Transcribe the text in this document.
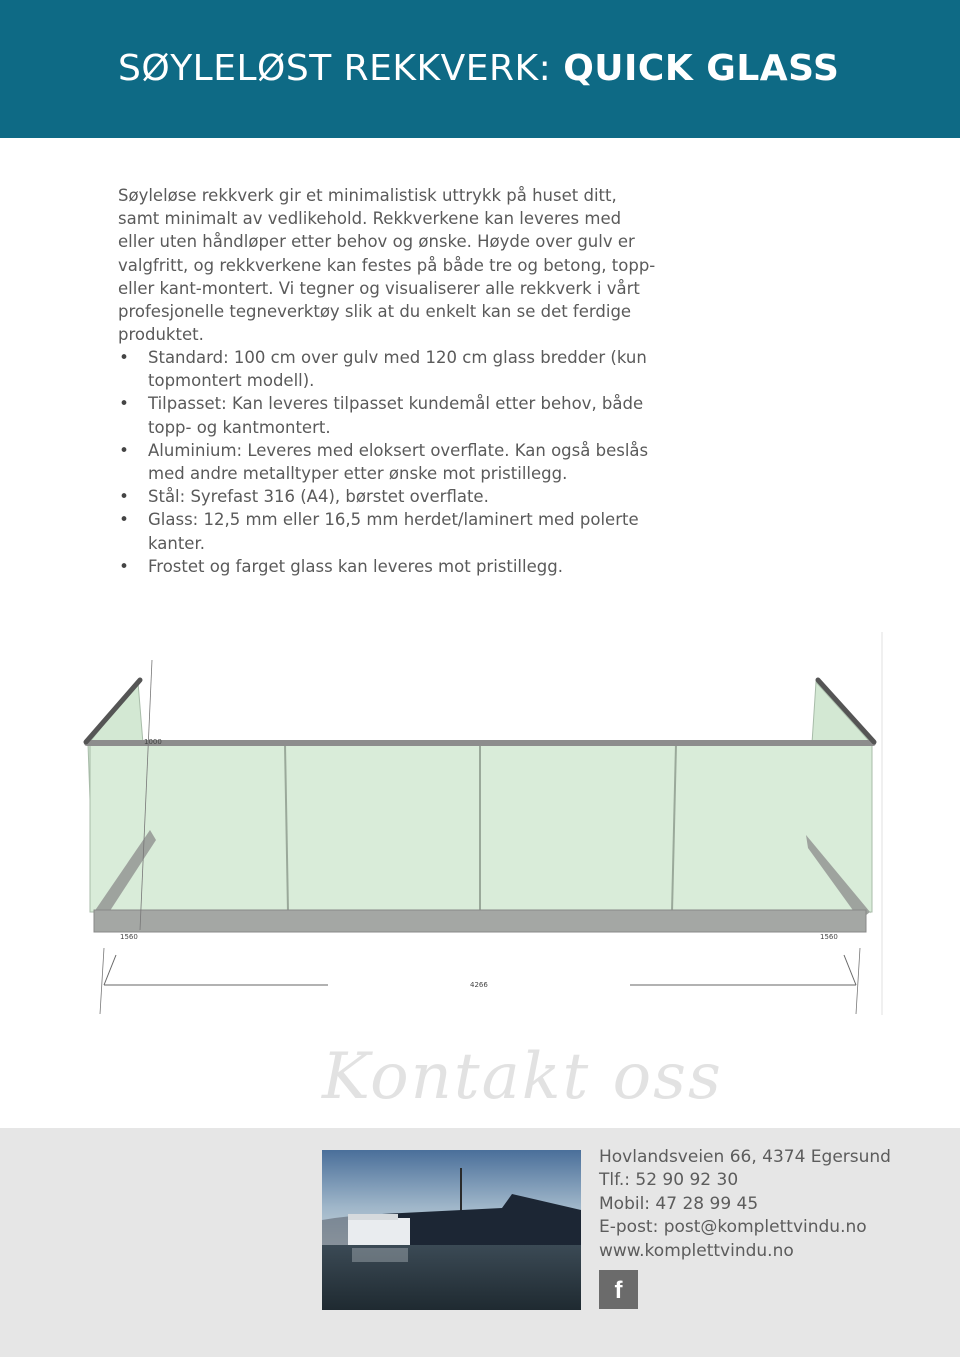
SØYLELØST REKKVERK: QUICK GLASS

Søyleløse rekkverk gir et minimalistisk uttrykk på huset ditt, samt minimalt av vedlikehold. Rekkverkene kan leveres med eller uten håndløper etter behov og ønske. Høyde over gulv er valgfritt, og rekkverkene kan festes på både tre og betong, topp- eller kant-montert. Vi tegner og visualiserer alle rekkverk i vårt profesjonelle tegneverktøy slik at du enkelt kan se det ferdige produktet.

• Standard: 100 cm over gulv med 120 cm glass bredder (kun topmontert modell).
• Tilpasset: Kan leveres tilpasset kundemål etter behov, både topp- og kantmontert.
• Aluminium: Leveres med eloksert overflate. Kan også beslås med andre metalltyper etter ønske mot pristillegg.
• Stål: Syrefast 316 (A4), børstet overflate.
• Glass: 12,5 mm eller 16,5 mm herdet/laminert med polerte kanter.
• Frostet og farget glass kan leveres mot pristillegg.
1000
1560	1560
4266
Kontakt oss
Hovlandsveien 66, 4374 Egersund
Tlf.: 52 90 92 30
Mobil: 47 28 99 45
E-post: post@komplettvindu.no
www.komplettvindu.no
f
